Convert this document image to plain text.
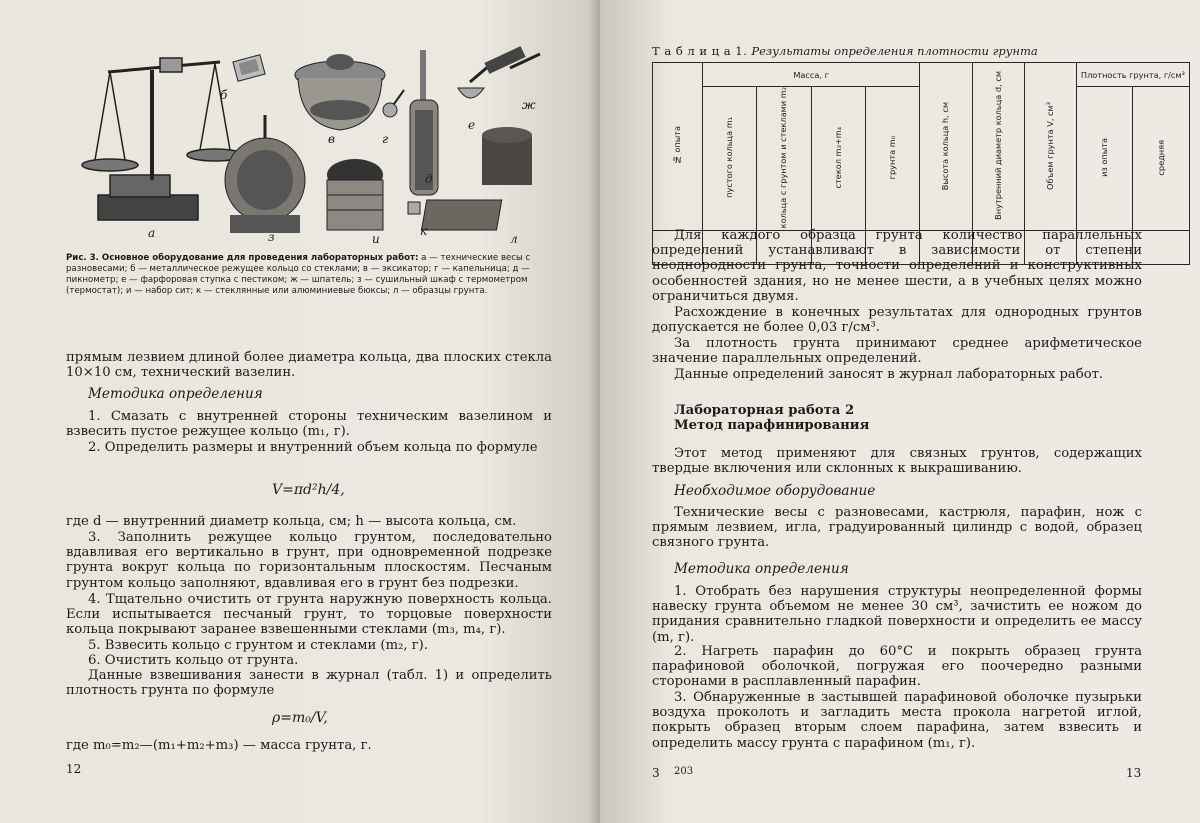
а
б
в	г
д
е
ж
з	и
к
л
Рис. 3. Основное оборудование для проведения лабораторных работ: а — технические весы с разновесами; б — металлическое режущее кольцо со стеклами; в — эксикатор; г — капельница; д — пикнометр; е — фарфоровая ступка с пестиком; ж — шпатель; з — сушильный шкаф с термометром (термостат); и — набор сит; к — стеклянные или алюминиевые бюксы; л — образцы грунта.
прямым лезвием длиной более диаметра кольца, два плоских стекла 10×10 см, технический вазелин.
Методика определения
1. Смазать с внутренней стороны техническим вазелином и взвесить пустое режущее кольцо (m₁, г).
2. Определить размеры и внутренний объем кольца по формуле
V=πd²h/4,
где d — внутренний диаметр кольца, см; h — высота кольца, см.
3. Заполнить режущее кольцо грунтом, последовательно вдавливая его вертикально в грунт, при одновременной подрезке грунта вокруг кольца по горизонтальным плоскостям. Песчаным грунтом кольцо заполняют, вдавливая его в грунт без подрезки.
4. Тщательно очистить от грунта наружную поверхность кольца. Если испытывается песчаный грунт, то торцовые поверхности кольца покрывают заранее взвешенными стеклами (m₃, m₄, г).
5. Взвесить кольцо с грунтом и стеклами (m₂, г).
6. Очистить кольцо от грунта.
Данные взвешивания занести в журнал (табл. 1) и определить плотность грунта по формуле
ρ=m₀/V,
где m₀=m₂—(m₁+m₂+m₃) — масса грунта, г.
12
Т а б л и ц а 1. Результаты определения плотности грунта
№ опыта	Масса, г				Высота кольца h, см	Внутренний диаметр кольца d, см	Объем грунта V, см³	Плотность грунта, г/см³	
	пустого кольца m₁	кольца с грунтом и стеклами m₂	стекол m₃+m₄	грунта m₀				из опыта	средняя

Для каждого образца грунта количество параллельных определений устанавливают в зависимости от степени неоднородности грунта, точности определений и конструктивных особенностей здания, но не менее шести, а в учебных целях можно ограничиться двумя.
Расхождение в конечных результатах для однородных грунтов допускается не более 0,03 г/см³.
За плотность грунта принимают среднее арифметическое значение параллельных определений.
Данные определений заносят в журнал лабораторных работ.
Лабораторная работа 2
Метод парафинирования
Этот метод применяют для связных грунтов, содержащих твердые включения или склонных к выкрашиванию.
Необходимое оборудование
Технические весы с разновесами, кастрюля, парафин, нож с прямым лезвием, игла, градуированный цилиндр с водой, образец связного грунта.
Методика определения
1. Отобрать без нарушения структуры неопределенной формы навеску грунта объемом не менее 30 см³, зачистить ее ножом до придания сравнительно гладкой поверхности и определить ее массу (m, г).
2. Нагреть парафин до 60°С и покрыть образец грунта парафиновой оболочкой, погружая его поочередно разными сторонами в расплавленный парафин.
3. Обнаруженные в застывшей парафиновой оболочке пузырьки воздуха проколоть и загладить места прокола нагретой иглой, покрыть образец вторым слоем парафина, затем взвесить и определить массу грунта с парафином (m₁, г).
3 203	13
